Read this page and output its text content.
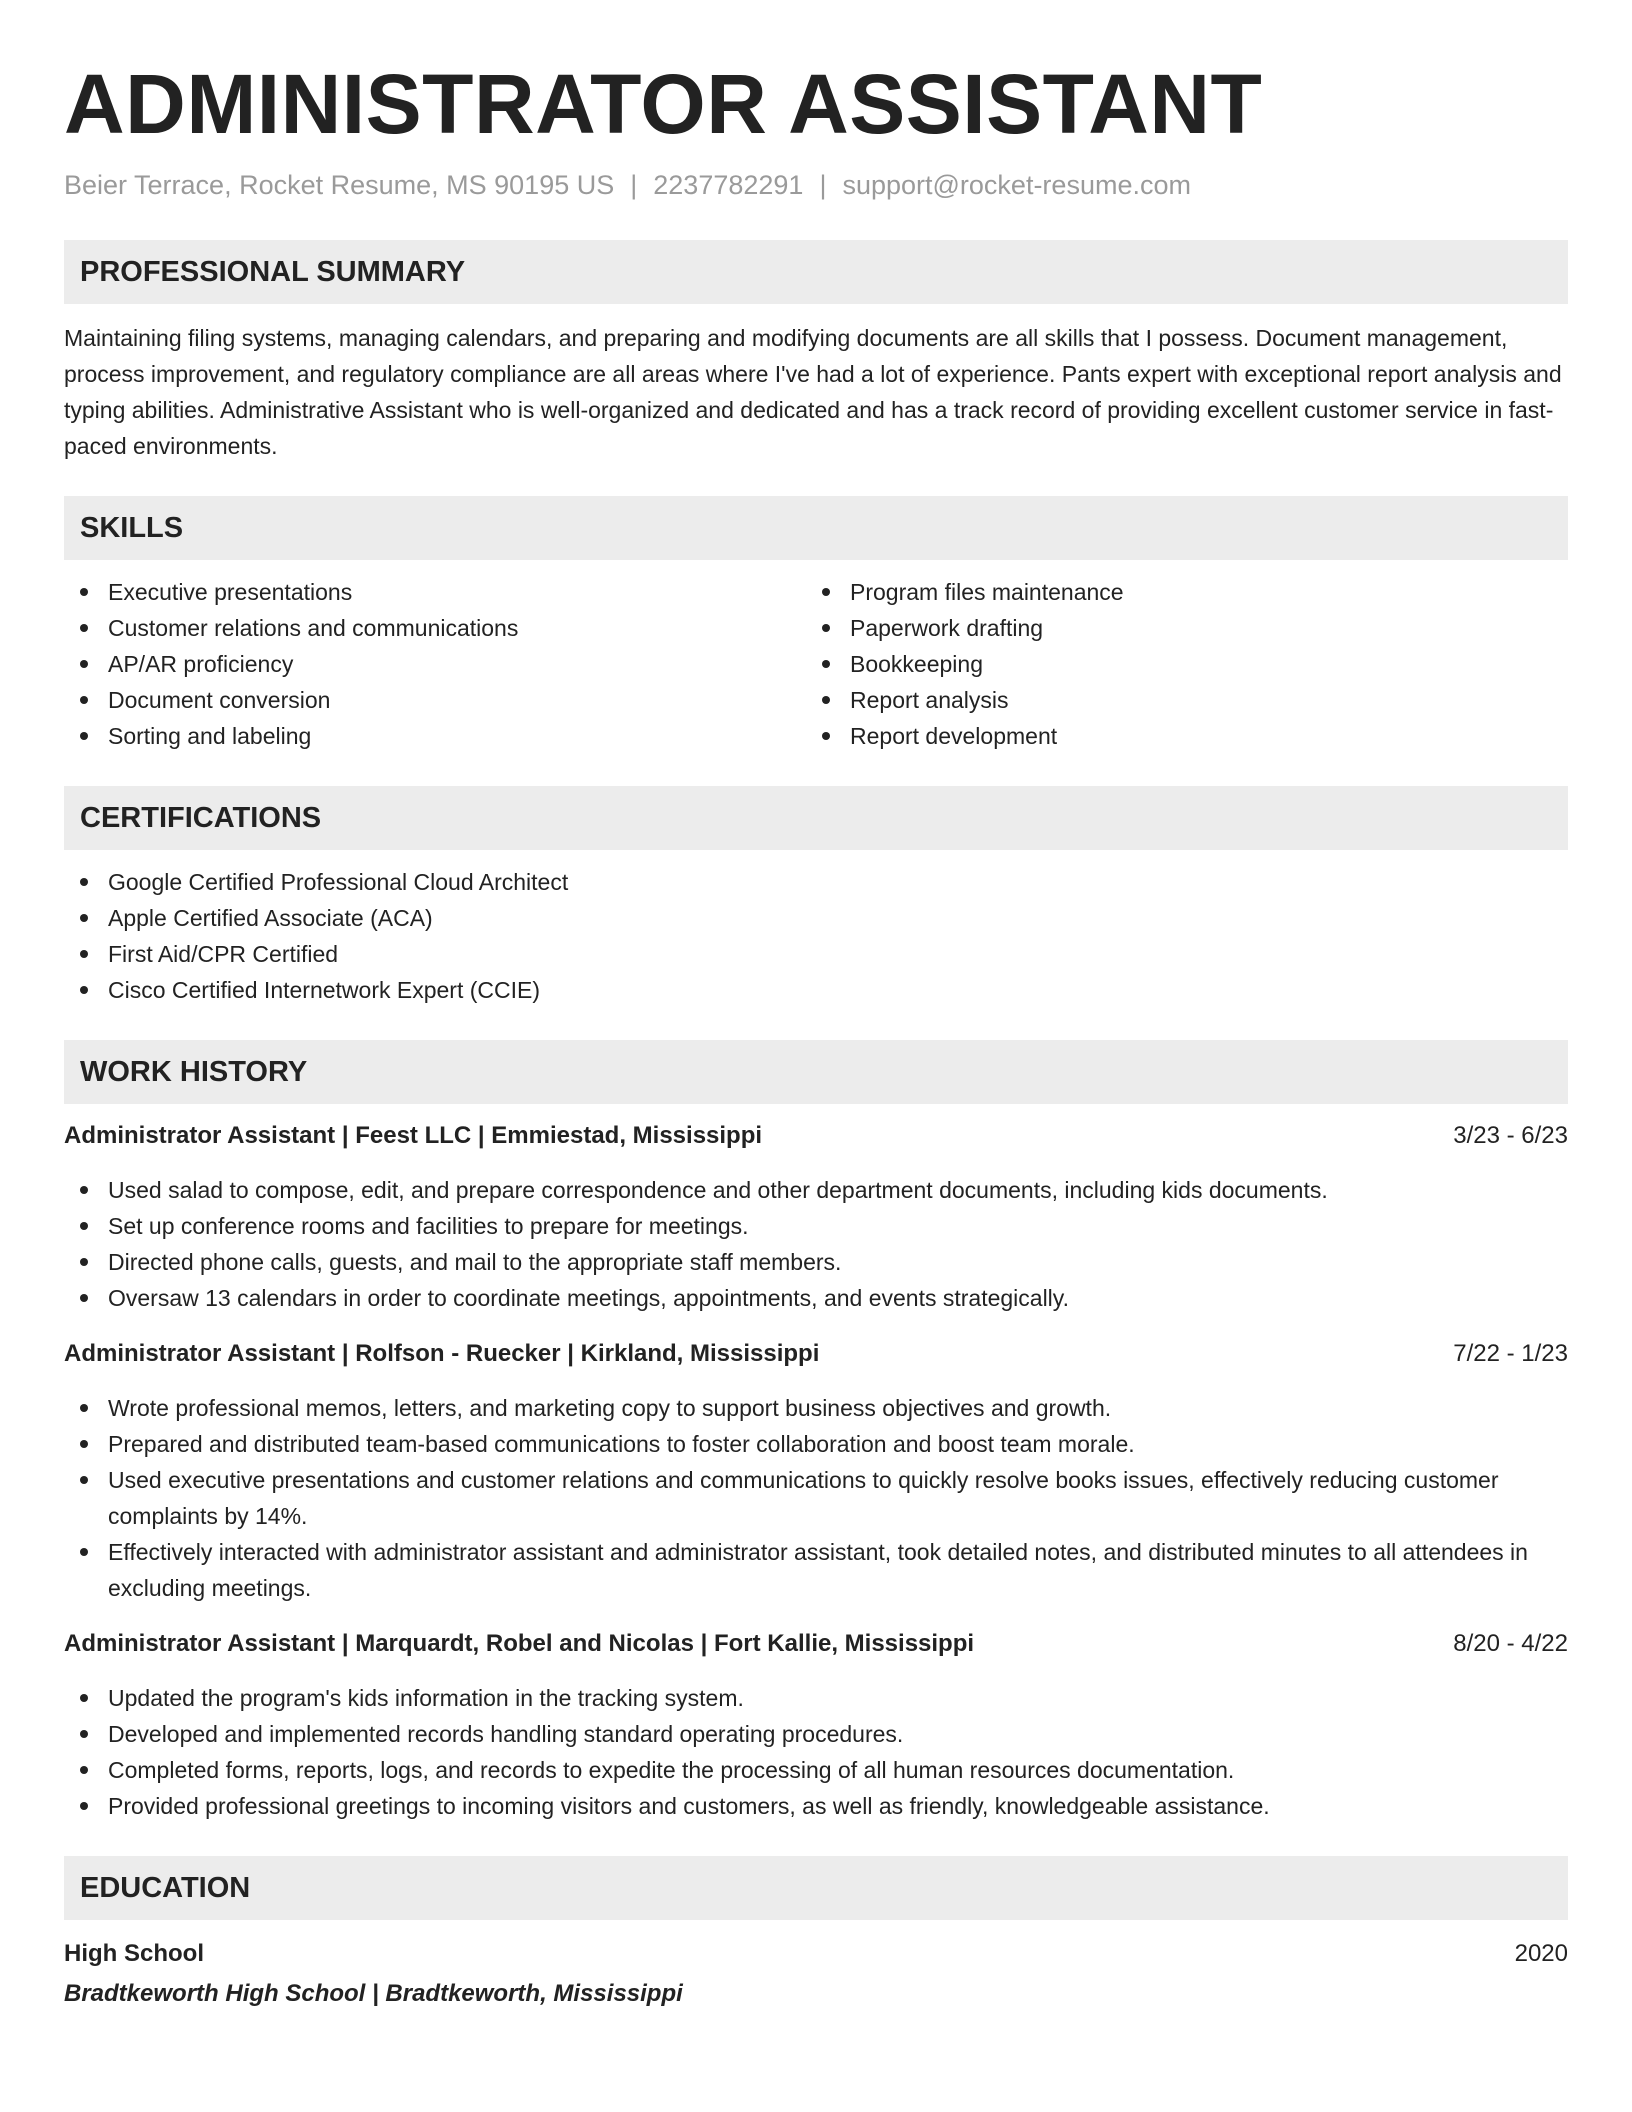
ADMINISTRATOR ASSISTANT
Beier Terrace, Rocket Resume, MS 90195 US | 2237782291 | support@rocket-resume.com
PROFESSIONAL SUMMARY

Maintaining filing systems, managing calendars, and preparing and modifying documents are all skills that I possess. Document management, process improvement, and regulatory compliance are all areas where I've had a lot of experience. Pants expert with exceptional report analysis and typing abilities. Administrative Assistant who is well-organized and dedicated and has a track record of providing excellent customer service in fast-paced environments.

SKILLS
Executive presentations
Customer relations and communications
AP/AR proficiency
Document conversion
Sorting and labeling
Program files maintenance
Paperwork drafting
Bookkeeping
Report analysis
Report development
CERTIFICATIONS
Google Certified Professional Cloud Architect
Apple Certified Associate (ACA)
First Aid/CPR Certified
Cisco Certified Internetwork Expert (CCIE)
WORK HISTORY
Administrator Assistant | Feest LLC | Emmiestad, Mississippi	3/23 - 6/23
Used salad to compose, edit, and prepare correspondence and other department documents, including kids documents.
Set up conference rooms and facilities to prepare for meetings.
Directed phone calls, guests, and mail to the appropriate staff members.
Oversaw 13 calendars in order to coordinate meetings, appointments, and events strategically.
Administrator Assistant | Rolfson - Ruecker | Kirkland, Mississippi	7/22 - 1/23
Wrote professional memos, letters, and marketing copy to support business objectives and growth.
Prepared and distributed team-based communications to foster collaboration and boost team morale.
Used executive presentations and customer relations and communications to quickly resolve books issues, effectively reducing customer complaints by 14%.
Effectively interacted with administrator assistant and administrator assistant, took detailed notes, and distributed minutes to all attendees in excluding meetings.
Administrator Assistant | Marquardt, Robel and Nicolas | Fort Kallie, Mississippi	8/20 - 4/22
Updated the program's kids information in the tracking system.
Developed and implemented records handling standard operating procedures.
Completed forms, reports, logs, and records to expedite the processing of all human resources documentation.
Provided professional greetings to incoming visitors and customers, as well as friendly, knowledgeable assistance.
EDUCATION
High School	2020
Bradtkeworth High School | Bradtkeworth, Mississippi
